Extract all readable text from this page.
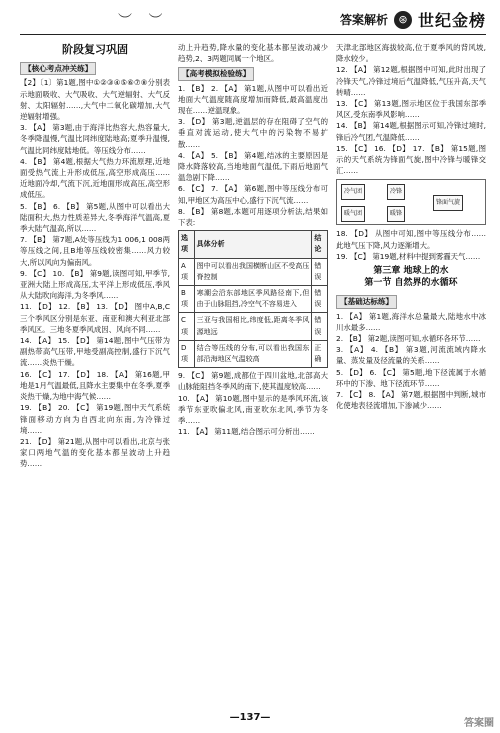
︶ ︶	答案解析 ⊛ 世纪金榜
阶段复习巩固
【核心考点冲关练】

【2】〔1〕第1题,图中①②③④⑤⑥⑦⑧分别表示地面吸收、大气吸收、大气逆辐射、大气反射、太阳辐射……,大气中二氧化碳增加,大气逆辐射增强。

3. 【A】 第3题,由于海洋比热容大,热容量大,冬季降温慢,气温比同纬度陆地高;夏季升温慢,气温比同纬度陆地低。等压线分布……

4. 【B】 第4题,根据大气热力环流原理,近地面受热气流上升形成低压,高空形成高压……近地面冷却,气流下沉,近地面形成高压,高空形成低压。

5. 【B】 6. 【B】 第5题,从图中可以看出大陆面积大,热力性质差异大,冬季海洋气温高,夏季大陆气温高,所以……

7. 【B】 第7题,A处等压线为1 006,1 008两等压线之间,且B地等压线较密集……风力较大,所以风向为偏南风。

9. 【C】 10. 【B】 第9题,读图可知,甲季节,亚洲大陆上形成高压,太平洋上形成低压,季风从大陆吹向海洋,为冬季风……

11. 【D】 12. 【B】 13. 【D】 图中A,B,C三个季风区分别是东亚、南亚和澳大利亚北部季风区。三地冬夏季风成因、风向不同……

14. 【A】 15. 【D】 第14题,图中气压带为副热带高气压带,甲地受副高控制,盛行下沉气流……炎热干燥。

16. 【C】 17. 【D】 18. 【A】 第16题,甲地是1月气温最低,且降水主要集中在冬季,夏季炎热干燥,为地中海气候……

19. 【B】 20. 【C】 第19题,图中天气系统锋面移动方向为自西北向东南,为冷锋过境……

21. 【D】 第21题,从图中可以看出,北京与张家口两地气温的变化基本都呈波动上升趋势……

动上升趋势,降水量的变化基本都呈波动减少趋势,2、3两题同属一个地区。

【高考模拟检验练】

1. 【B】 2. 【A】 第1题,从图中可以看出近地面大气温度随高度增加而降低,最高温度出现在……逆温现象。

3. 【D】 第3题,逆温层的存在阻碍了空气的垂直对流运动,使大气中的污染物不易扩散……

4. 【A】 5. 【B】 第4题,结冰的主要原因是降水降落较高,当地地面气温低,下雨后地面气温急剧下降……

6. 【C】 7. 【A】 第6题,图中等压线分布可知,甲地区为高压中心,盛行下沉气流……

8. 【B】 第8题,本题可用逐项分析法,结果如下表:

选项	具体分析	结论
A项	图中可以看出我国横断山区不受高压脊控制	错误
B项	寒潮会沿东部地区季风路径南下,但由于山脉阻挡,冷空气不容易进入	错误
C项	三亚与我国相比,纬度低,距离冬季风源地远	错误
D项	结合等压线的分布,可以看出我国东部沿海地区气温较高	正确

9. 【C】 第9题,成都位于四川盆地,北部高大山脉能阻挡冬季风的南下,使其温度较高……

10. 【A】 第10题,图中显示的是季风环流,该季节东亚吹偏北风,南亚吹东北风,季节为冬季……

11. 【A】 第11题,结合图示可分析出……

天津北部地区海拔较高,位于夏季风的背风坡,降水较少。

12. 【A】 第12题,根据图中可知,此时出现了冷锋天气,冷锋过境后气温降低,气压升高,天气转晴……

13. 【C】 第13题,图示地区位于我国东部季风区,受东南季风影响……

14. 【B】 第14题,根据图示可知,冷锋过境时,锋后冷气团,气温降低……

15. 【C】 16. 【D】 17. 【B】 第15题,图示的天气系统为锋面气旋,图中冷锋与暖锋交汇……

冷气团
暖气团
冷锋
暖锋
锋面气旋

18. 【D】 从图中可知,图中等压线分布……此地气压下降,风力逐渐增大。

19. 【C】 第19题,材料中提到雾霾天气……

第三章 地球上的水
第一节 自然界的水循环
【基础达标练】

1. 【A】 第1题,海洋水总量最大,陆地水中冰川水最多……

2. 【B】 第2题,读图可知,水循环各环节……

3. 【A】 4. 【B】 第3题,河流流域内降水量、蒸发量及径流量的关系……

5. 【D】 6. 【C】 第5题,地下径流属于水循环中的下渗、地下径流环节……

7. 【C】 8. 【A】 第7题,根据图中判断,城市化使地表径流增加,下渗减少……

—137—
答案圈
